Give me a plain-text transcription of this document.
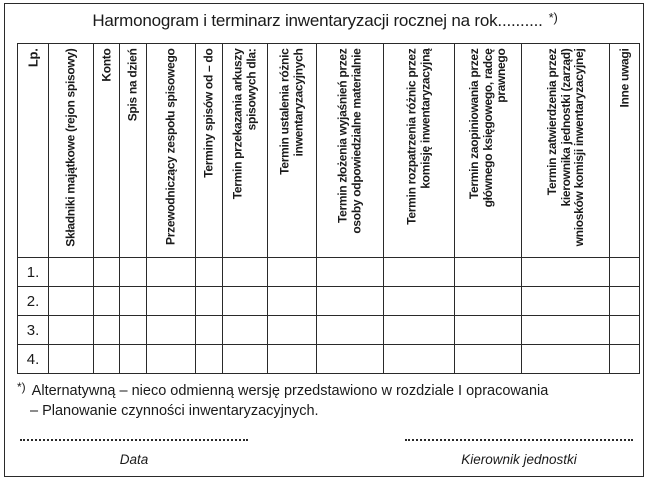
Harmonogram i terminarz inwentaryzacji rocznej na rok.......... *)
Lp.	Składniki majątkowe (rejon spisowy)	Konto	Spis na dzień	Przewodniczący zespołu spisowego	Terminy spisów od – do	Termin przekazania arkuszy spisowych dla:	Termin ustalenia różnic inwentaryzacyjnych	Termin złożenia wyjaśnień przez osoby odpowiedzialne materialnie	Termin rozpatrzenia różnic przez komisję inwentaryzacyjną	Termin zaopiniowania przez głównego księgowego, radcę prawnego	Termin zatwierdzenia przez kierownika jednostki (zarząd) wniosków komisji inwentaryzacyjnej	Inne uwagi

1.												
2.												
3.												
4.												
*) Alternatywną – nieco odmienną wersję przedstawiono w rozdziale I opracowania
– Planowanie czynności inwentaryzacyjnych.
Data	Kierownik jednostki
